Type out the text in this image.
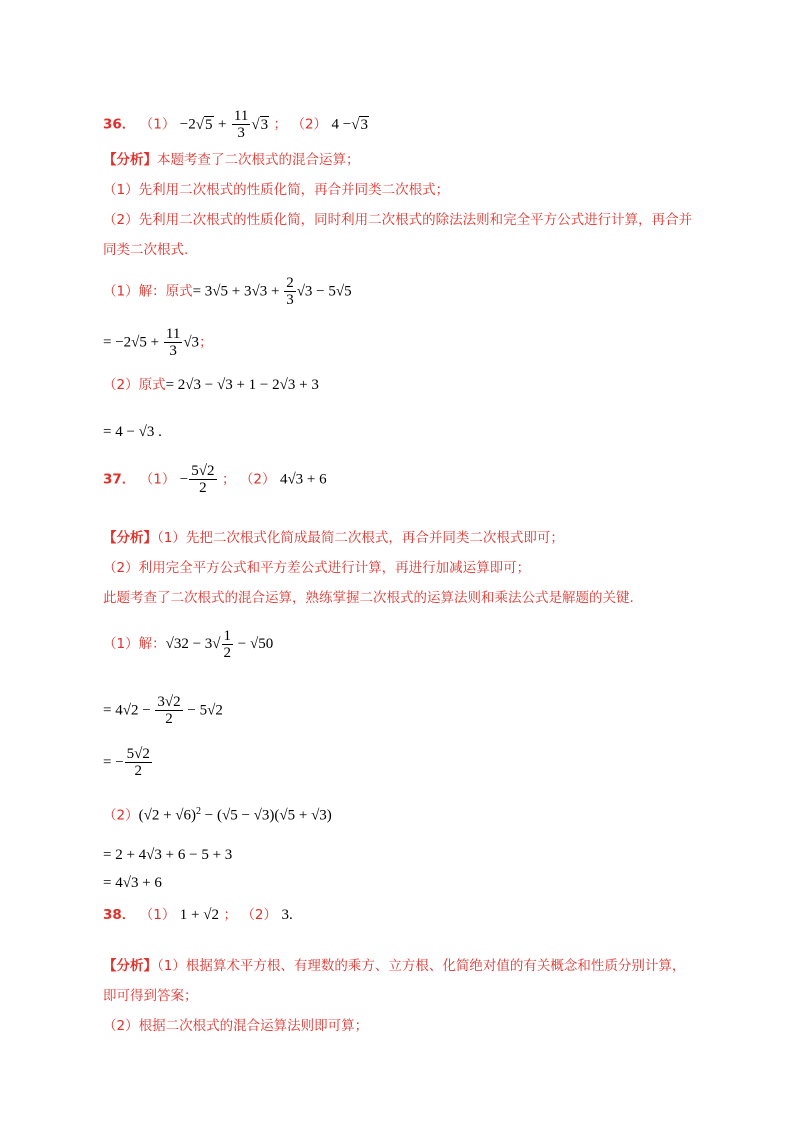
36． $(1) -2√5 + \frac{11}{3} √3$ ； （2） 4 −√3
【分析】本题考查了二次根式的混合运算；
（1）先利用二次根式的性质化简，再合并同类二次根式；
（2）先利用二次根式的性质化简，同时利用二次根式的除法法则和完全平方公式进行计算，再合并
同类二次根式.
（1）解：原式= $3√5 + 3√3 + \frac{2}{3} √3 - 5√5$
= $-2√5 + \frac{11}{3} √3$；
（2）原式= 2√3 − √3 + 1 − 2√3 + 3
= 4 − √3 .
37． $(1) - \frac{5√2}{2}$ ； （2） 4√3 + 6
【分析】（1）先把二次根式化简成最简二次根式，再合并同类二次根式即可；
（2）利用完全平方公式和平方差公式进行计算，再进行加减运算即可；
此题考查了二次根式的混合运算，熟练掌握二次根式的运算法则和乘法公式是解题的关键.
（1）解：$√32 - 3√ \frac{1}{2} - √50$
= $4√2 - \frac{3√2}{2} - 5√2$
= − $\frac{5√2}{2}$
$(2)(√2 + √6)^2 - (√5 - √3)(√5 + √3)$
= 2 + 4√3 + 6 − 5 + 3
= 4√3 + 6
38． （1） 1 + √2 ； （2） 3.
【分析】（1）根据算术平方根、有理数的乘方、立方根、化简绝对值的有关概念和性质分别计算，
即可得到答案；
（2）根据二次根式的混合运算法则即可算；
